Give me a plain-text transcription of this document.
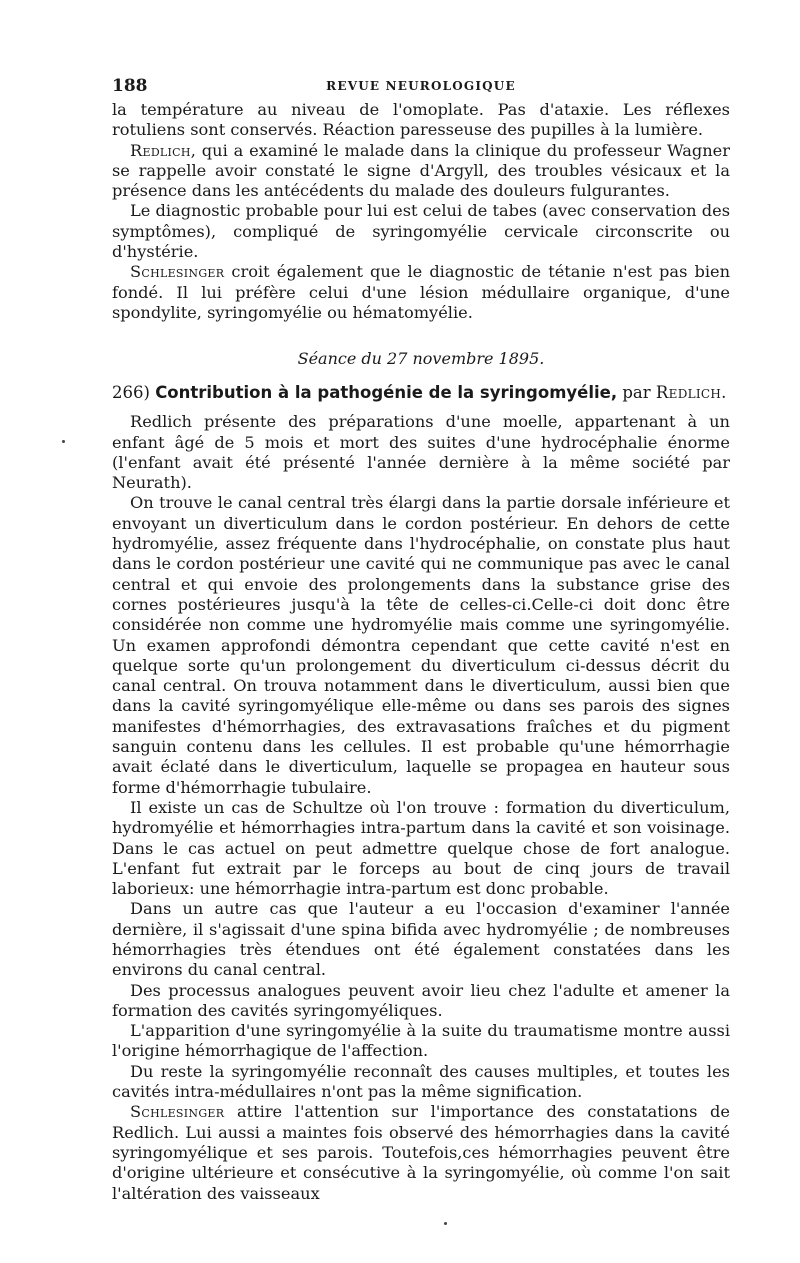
188	REVUE NEUROLOGIQUE

la température au niveau de l'omoplate. Pas d'ataxie. Les réflexes rotuliens sont conservés. Réaction paresseuse des pupilles à la lumière.

Redlich, qui a examiné le malade dans la clinique du professeur Wagner se rappelle avoir constaté le signe d'Argyll, des troubles vésicaux et la présence dans les antécédents du malade des douleurs fulgurantes.

Le diagnostic probable pour lui est celui de tabes (avec conservation des symptômes), compliqué de syringomyélie cervicale circonscrite ou d'hystérie.

Schlesinger croit également que le diagnostic de tétanie n'est pas bien fondé. Il lui préfère celui d'une lésion médullaire organique, d'une spondylite, syringomyélie ou hématomyélie.

Séance du 27 novembre 1895.
266) Contribution à la pathogénie de la syringomyélie, par Redlich.

Redlich présente des préparations d'une moelle, appartenant à un enfant âgé de 5 mois et mort des suites d'une hydrocéphalie énorme (l'enfant avait été présenté l'année dernière à la même société par Neurath).

On trouve le canal central très élargi dans la partie dorsale inférieure et envoyant un diverticulum dans le cordon postérieur. En dehors de cette hydromyélie, assez fréquente dans l'hydrocéphalie, on constate plus haut dans le cordon postérieur une cavité qui ne communique pas avec le canal central et qui envoie des prolongements dans la substance grise des cornes postérieures jusqu'à la tête de celles-ci.Celle-ci doit donc être considérée non comme une hydromyélie mais comme une syringomyélie. Un examen approfondi démontra cependant que cette cavité n'est en quelque sorte qu'un prolongement du diverticulum ci-dessus décrit du canal central. On trouva notamment dans le diverticulum, aussi bien que dans la cavité syringomyélique elle-même ou dans ses parois des signes manifestes d'hémorrhagies, des extravasations fraîches et du pigment sanguin contenu dans les cellules. Il est probable qu'une hémorrhagie avait éclaté dans le diverticulum, laquelle se propagea en hauteur sous forme d'hémorrhagie tubulaire.

Il existe un cas de Schultze où l'on trouve : formation du diverticulum, hydromyélie et hémorrhagies intra-partum dans la cavité et son voisinage. Dans le cas actuel on peut admettre quelque chose de fort analogue. L'enfant fut extrait par le forceps au bout de cinq jours de travail laborieux: une hémorrhagie intra-partum est donc probable.

Dans un autre cas que l'auteur a eu l'occasion d'examiner l'année dernière, il s'agissait d'une spina bifida avec hydromyélie ; de nombreuses hémorrhagies très étendues ont été également constatées dans les environs du canal central.

Des processus analogues peuvent avoir lieu chez l'adulte et amener la formation des cavités syringomyéliques.

L'apparition d'une syringomyélie à la suite du traumatisme montre aussi l'origine hémorrhagique de l'affection.

Du reste la syringomyélie reconnaît des causes multiples, et toutes les cavités intra-médullaires n'ont pas la même signification.

Schlesinger attire l'attention sur l'importance des constatations de Redlich. Lui aussi a maintes fois observé des hémorrhagies dans la cavité syringomyélique et ses parois. Toutefois,ces hémorrhagies peuvent être d'origine ultérieure et consécutive à la syringomyélie, où comme l'on sait l'altération des vaisseaux
